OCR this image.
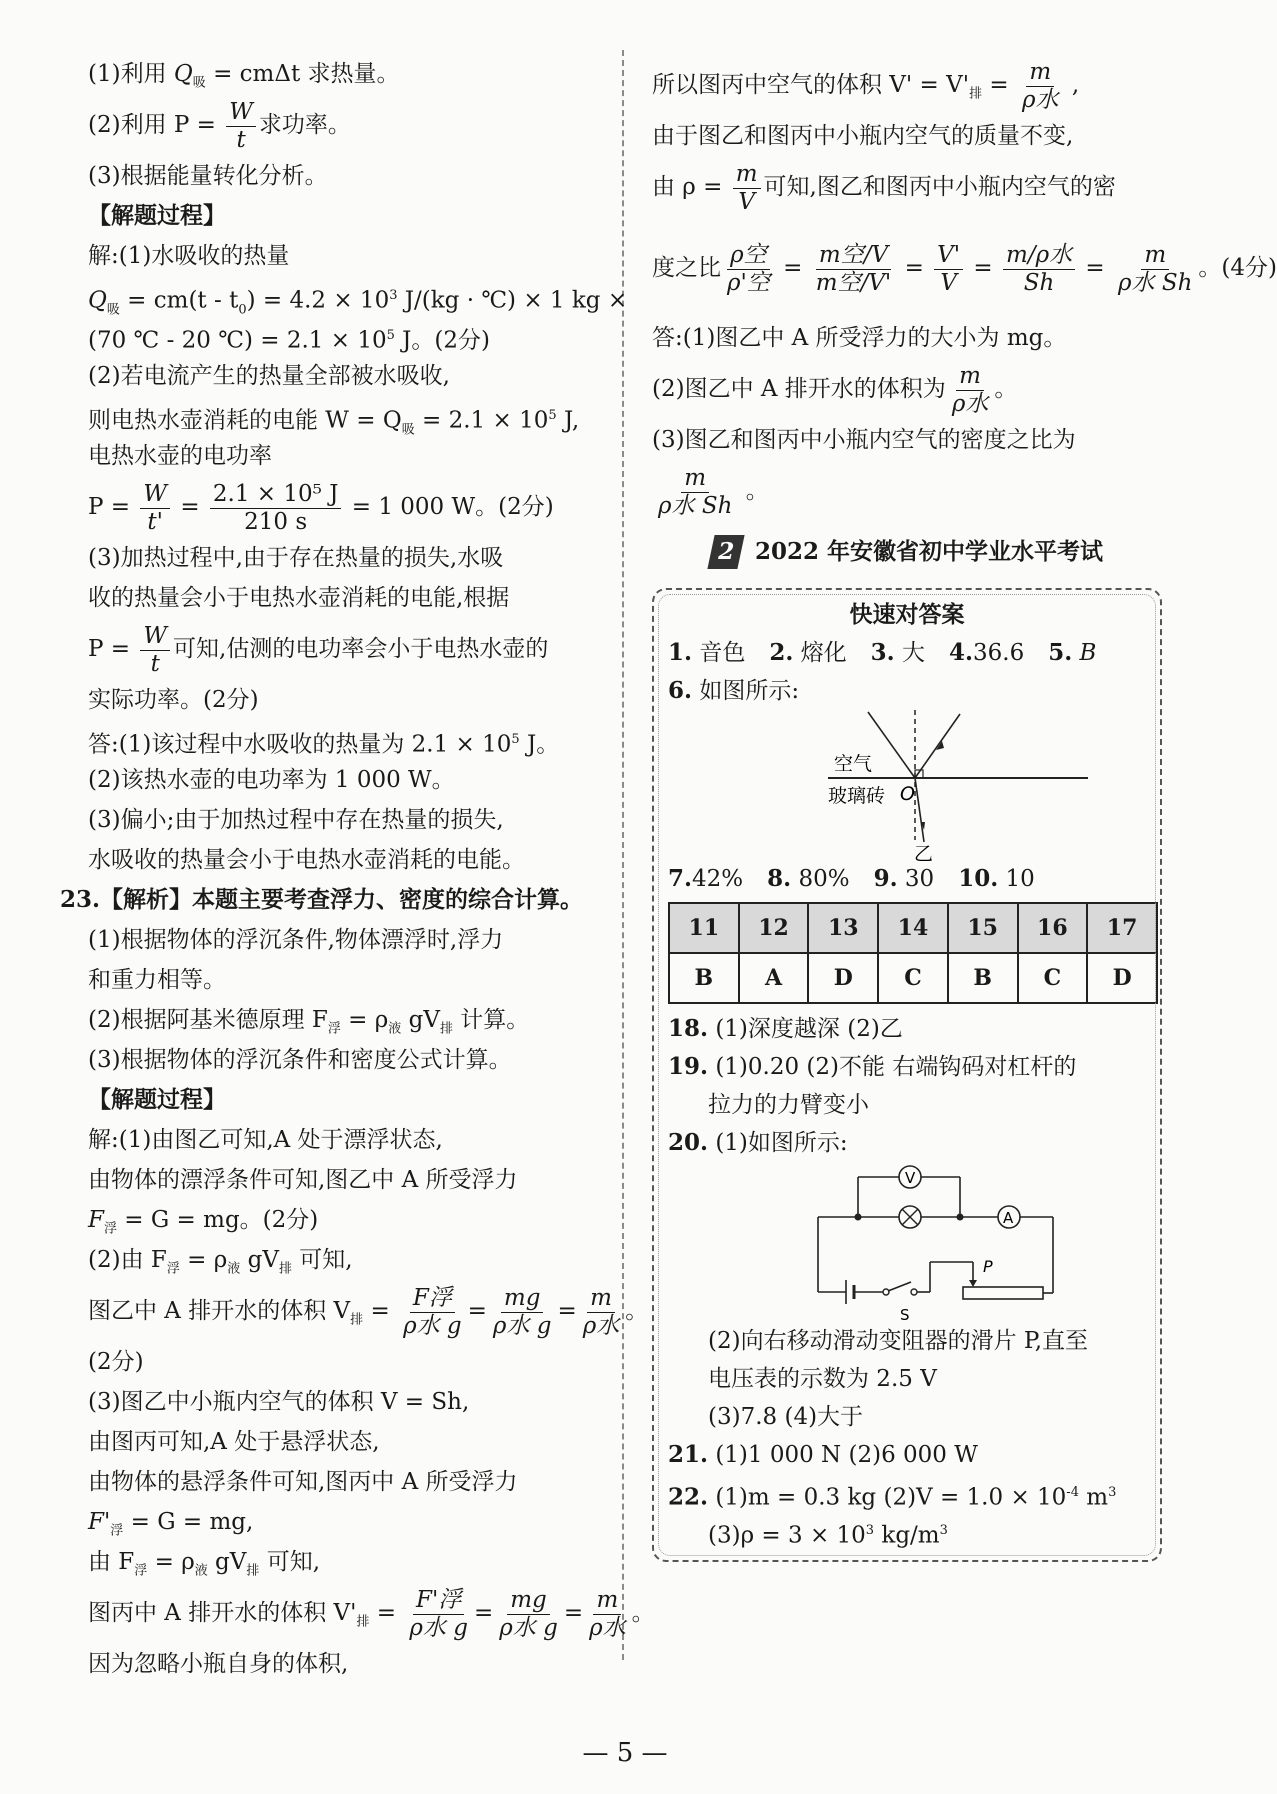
(1)利用 $Q_吸 = cm\Delta t$ 求热量。
(2)利用 $P = \frac{W}{t}$ 求功率。
(3)根据能量转化分析。
【解题过程】
解:(1)水吸收的热量
$Q_吸 = cm(t - t_0) = 4.2 \times 10^3$ J/(kg · ℃) × 1 kg ×
(70 ℃ - 20 ℃) = $2.1 \times 10^5$ J。(2分)
(2)若电流产生的热量全部被水吸收,
则电热水壶消耗的电能 $W = Q_吸 = 2.1 \times 10^5$ J,
电热水壶的电功率
$P = \frac{W}{t'} = \frac{\text{2.1 × 10⁵ J}}{210 s} = 1$ 000 W。(2分)
(3)加热过程中,由于存在热量的损失,水吸
收的热量会小于电热水壶消耗的电能,根据
$P = \frac{W}{t}$ 可知,估测的电功率会小于电热水壶的
实际功率。(2分)
答:(1)该过程中水吸收的热量为 $2.1 \times 10^5$ J。
(2)该热水壶的电功率为 1 000 W。
(3)偏小;由于加热过程中存在热量的损失,
水吸收的热量会小于电热水壶消耗的电能。
23.【解析】本题主要考查浮力、密度的综合计算。
(1)根据物体的浮沉条件,物体漂浮时,浮力
和重力相等。
(2)根据阿基米德原理 $F_浮 = \rho_液$ $gV_排$ 计算。
(3)根据物体的浮沉条件和密度公式计算。
【解题过程】
解:(1)由图乙可知,A 处于漂浮状态,
由物体的漂浮条件可知,图乙中 A 所受浮力
$F_浮 = G$ = mg。(2分)
(2)由 $F_浮 = \rho_液$ $gV_排$ 可知,
图乙中 A 排开水的体积 $V_排 = \frac{\text{F浮}}{\text{ρ水 g}} = \frac{mg}{\text{ρ水 g}} = \frac{m}{\text{ρ水}}$ 。
(2分)
(3)图乙中小瓶内空气的体积 V = Sh,
由图丙可知,A 处于悬浮状态,
由物体的悬浮条件可知,图丙中 A 所受浮力
$F'_浮 = G$ = mg,
由 $F_浮 = \rho_液$ $gV_排$ 可知,
图丙中 A 排开水的体积 $V'_排 = \frac{\text{F'浮}}{\text{ρ水 g}} = \frac{mg}{\text{ρ水 g}} = \frac{m}{\text{ρ水}}$ 。
因为忽略小瓶自身的体积,
所以图丙中空气的体积 $V' = V'_排 = \frac{m}{\text{ρ水}}$ ,
由于图乙和图丙中小瓶内空气的质量不变,
由 $\rho = \frac{m}{V}$ 可知,图乙和图丙中小瓶内空气的密
度之比 $\frac{\text{ρ空}}{\text{ρ'空}} = \frac{\text{m空/V}}{\text{m空/V'}} = \frac{V'}{V} = \frac{\text{m/ρ水}}{Sh} = \frac{m}{\text{ρ水 Sh}}$ 。(4分)
答:(1)图乙中 A 所受浮力的大小为 mg。
(2)图乙中 A 排开水的体积为 $\frac{m}{\text{ρ水}}$ 。
(3)图乙和图丙中小瓶内空气的密度之比为
$\frac{m}{\text{ρ水 Sh}}$ 。
2 2022 年安徽省初中学业水平考试
快速对答案
1. 音色 2. 熔化 3. 大 4.36.6 5. B
6. 如图所示:
空气
玻璃砖 O
乙
7.42% 8. 80% 9. 30 10. 10
11	12	13	14	15	16	17
B	A	D	C	B	C	D
18. (1)深度越深 (2)乙
19. (1)0.20 (2)不能 右端钩码对杠杆的
拉力的力臂变小
20. (1)如图所示:
V
A
S
P
(2)向右移动滑动变阻器的滑片 P,直至
电压表的示数为 2.5 V
(3)7.8 (4)大于
21. (1)1 000 N (2)6 000 W
22. (1)m = 0.3 kg $(2)V = 1.0 \times 10^{-4}$ $m^3$
$(3)\rho = 3 \times 10^3$ $kg/m^3$
— 5 —
